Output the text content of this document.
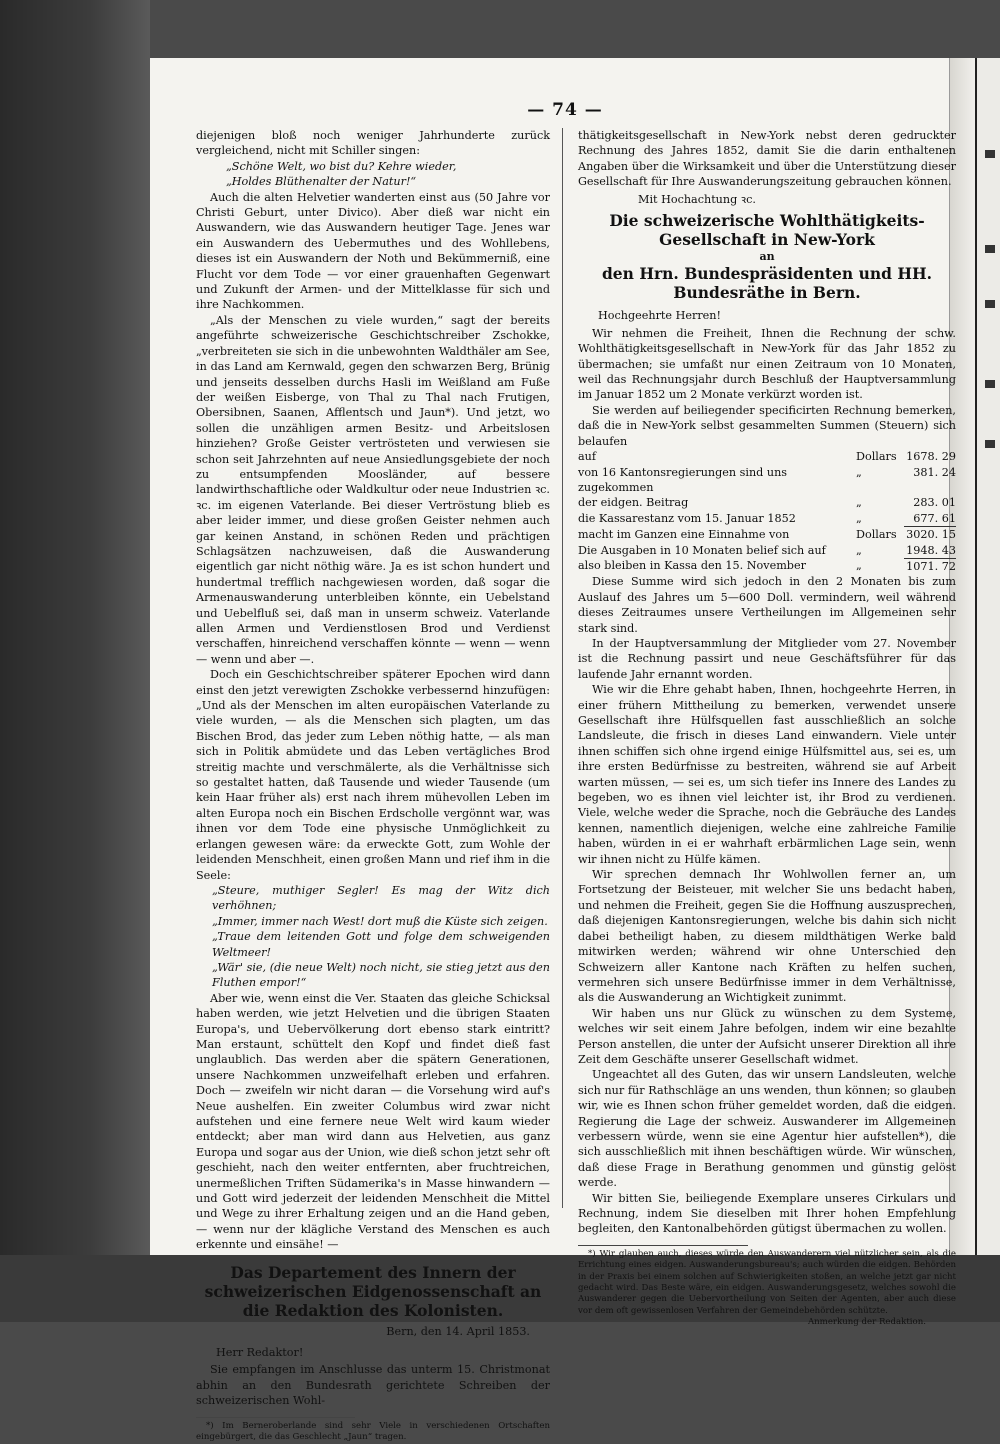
— 74 —

diejenigen bloß noch weniger Jahrhunderte zurück vergleichend, nicht mit Schiller singen:

„Schöne Welt, wo bist du? Kehre wieder,

„Holdes Blüthenalter der Natur!“

Auch die alten Helvetier wanderten einst aus (50 Jahre vor Christi Geburt, unter Divico). Aber dieß war nicht ein Auswandern, wie das Auswandern heutiger Tage. Jenes war ein Auswandern des Uebermuthes und des Wohllebens, dieses ist ein Auswandern der Noth und Bekümmerniß, eine Flucht vor dem Tode — vor einer grauenhaften Gegenwart und Zukunft der Armen- und der Mittelklasse für sich und ihre Nachkommen.

„Als der Menschen zu viele wurden,“ sagt der bereits angeführte schweizerische Geschichtschreiber Zschokke, „verbreiteten sie sich in die unbewohnten Waldthäler am See, in das Land am Kernwald, gegen den schwarzen Berg, Brünig und jenseits desselben durchs Hasli im Weißland am Fuße der weißen Eisberge, von Thal zu Thal nach Frutigen, Obersibnen, Saanen, Afflentsch und Jaun*). Und jetzt, wo sollen die unzähligen armen Besitz- und Arbeitslosen hinziehen? Große Geister vertrösteten und verwiesen sie schon seit Jahrzehnten auf neue Ansiedlungsgebiete der noch zu entsumpfenden Moosländer, auf bessere landwirthschaftliche oder Waldkultur oder neue Industrien ꝛc. ꝛc. im eigenen Vaterlande. Bei dieser Vertröstung blieb es aber leider immer, und diese großen Geister nehmen auch gar keinen Anstand, in schönen Reden und prächtigen Schlagsätzen nachzuweisen, daß die Auswanderung eigentlich gar nicht nöthig wäre. Ja es ist schon hundert und hundertmal trefflich nachgewiesen worden, daß sogar die Armenauswanderung unterbleiben könnte, ein Uebelstand und Uebelfluß sei, daß man in unserm schweiz. Vaterlande allen Armen und Verdienstlosen Brod und Verdienst verschaffen, hinreichend verschaffen könnte — wenn — wenn — wenn und aber —.

Doch ein Geschichtschreiber späterer Epochen wird dann einst den jetzt verewigten Zschokke verbessernd hinzufügen: „Und als der Menschen im alten europäischen Vaterlande zu viele wurden, — als die Menschen sich plagten, um das Bischen Brod, das jeder zum Leben nöthig hatte, — als man sich in Politik abmüdete und das Leben vertägliches Brod streitig machte und verschmälerte, als die Verhältnisse sich so gestaltet hatten, daß Tausende und wieder Tausende (um kein Haar früher als) erst nach ihrem mühevollen Leben im alten Europa noch ein Bischen Erdscholle vergönnt war, was ihnen vor dem Tode eine physische Unmöglichkeit zu erlangen gewesen wäre: da erweckte Gott, zum Wohle der leidenden Menschheit, einen großen Mann und rief ihm in die Seele:

„Steure, muthiger Segler! Es mag der Witz dich verhöhnen;

„Immer, immer nach West! dort muß die Küste sich zeigen.

„Traue dem leitenden Gott und folge dem schweigenden Weltmeer!

„Wär' sie, (die neue Welt) noch nicht, sie stieg jetzt aus den Fluthen empor!“

Aber wie, wenn einst die Ver. Staaten das gleiche Schicksal haben werden, wie jetzt Helvetien und die übrigen Staaten Europa's, und Uebervölkerung dort ebenso stark eintritt? Man erstaunt, schüttelt den Kopf und findet dieß fast unglaublich. Das werden aber die spätern Generationen, unsere Nachkommen unzweifelhaft erleben und erfahren. Doch — zweifeln wir nicht daran — die Vorsehung wird auf's Neue aushelfen. Ein zweiter Columbus wird zwar nicht aufstehen und eine fernere neue Welt wird kaum wieder entdeckt; aber man wird dann aus Helvetien, aus ganz Europa und sogar aus der Union, wie dieß schon jetzt sehr oft geschieht, nach den weiter entfernten, aber fruchtreichen, unermeßlichen Triften Südamerika's in Masse hinwandern — und Gott wird jederzeit der leidenden Menschheit die Mittel und Wege zu ihrer Erhaltung zeigen und an die Hand geben, — wenn nur der klägliche Verstand des Menschen es auch erkennte und einsähe! —

Das Departement des Innern der schweizerischen Eidgenossenschaft an die Redaktion des Kolonisten.

Bern, den 14. April 1853.

Herr Redaktor!

Sie empfangen im Anschlusse das unterm 15. Christmonat abhin an den Bundesrath gerichtete Schreiben der schweizerischen Wohl-

*) Im Berneroberlande sind sehr Viele in verschiedenen Ortschaften eingebürgert, die das Geschlecht „Jaun“ tragen.

thätigkeitsgesellschaft in New-York nebst deren gedruckter Rechnung des Jahres 1852, damit Sie die darin enthaltenen Angaben über die Wirksamkeit und über die Unterstützung dieser Gesellschaft für Ihre Auswanderungszeitung gebrauchen können.

Mit Hochachtung ꝛc.

Die schweizerische Wohlthätigkeits-Gesellschaft in New-York

an

den Hrn. Bundespräsidenten und HH. Bundesräthe in Bern.

Hochgeehrte Herren!

Wir nehmen die Freiheit, Ihnen die Rechnung der schw. Wohlthätigkeitsgesellschaft in New-York für das Jahr 1852 zu übermachen; sie umfaßt nur einen Zeitraum von 10 Monaten, weil das Rechnungsjahr durch Beschluß der Hauptversammlung im Januar 1852 um 2 Monate verkürzt worden ist.

Sie werden auf beiliegender specificirten Rechnung bemerken, daß die in New-York selbst gesammelten Summen (Steuern) sich belaufen

auf	Dollars	1678. 29
von 16 Kantonsregierungen sind uns zugekommen	„	381. 24
der eidgen. Beitrag	„	283. 01
die Kassarestanz vom 15. Januar 1852	„	677. 61
macht im Ganzen eine Einnahme von	Dollars	3020. 15
Die Ausgaben in 10 Monaten belief sich auf	„	1948. 43
also bleiben in Kassa den 15. November	„	1071. 72

Diese Summe wird sich jedoch in den 2 Monaten bis zum Auslauf des Jahres um 5—600 Doll. vermindern, weil während dieses Zeitraumes unsere Vertheilungen im Allgemeinen sehr stark sind.

In der Hauptversammlung der Mitglieder vom 27. November ist die Rechnung passirt und neue Geschäftsführer für das laufende Jahr ernannt worden.

Wie wir die Ehre gehabt haben, Ihnen, hochgeehrte Herren, in einer frühern Mittheilung zu bemerken, verwendet unsere Gesellschaft ihre Hülfsquellen fast ausschließlich an solche Landsleute, die frisch in dieses Land einwandern. Viele unter ihnen schiffen sich ohne irgend einige Hülfsmittel aus, sei es, um ihre ersten Bedürfnisse zu bestreiten, während sie auf Arbeit warten müssen, — sei es, um sich tiefer ins Innere des Landes zu begeben, wo es ihnen viel leichter ist, ihr Brod zu verdienen. Viele, welche weder die Sprache, noch die Gebräuche des Landes kennen, namentlich diejenigen, welche eine zahlreiche Familie haben, würden in ei er wahrhaft erbärmlichen Lage sein, wenn wir ihnen nicht zu Hülfe kämen.

Wir sprechen demnach Ihr Wohlwollen ferner an, um Fortsetzung der Beisteuer, mit welcher Sie uns bedacht haben, und nehmen die Freiheit, gegen Sie die Hoffnung auszusprechen, daß diejenigen Kantonsregierungen, welche bis dahin sich nicht dabei betheiligt haben, zu diesem mildthätigen Werke bald mitwirken werden; während wir ohne Unterschied den Schweizern aller Kantone nach Kräften zu helfen suchen, vermehren sich unsere Bedürfnisse immer in dem Verhältnisse, als die Auswanderung an Wichtigkeit zunimmt.

Wir haben uns nur Glück zu wünschen zu dem Systeme, welches wir seit einem Jahre befolgen, indem wir eine bezahlte Person anstellen, die unter der Aufsicht unserer Direktion all ihre Zeit dem Geschäfte unserer Gesellschaft widmet.

Ungeachtet all des Guten, das wir unsern Landsleuten, welche sich nur für Rathschläge an uns wenden, thun können; so glauben wir, wie es Ihnen schon früher gemeldet worden, daß die eidgen. Regierung die Lage der schweiz. Auswanderer im Allgemeinen verbessern würde, wenn sie eine Agentur hier aufstellen*), die sich ausschließlich mit ihnen beschäftigen würde. Wir wünschen, daß diese Frage in Berathung genommen und günstig gelöst werde.

Wir bitten Sie, beiliegende Exemplare unseres Cirkulars und Rechnung, indem Sie dieselben mit Ihrer hohen Empfehlung begleiten, den Kantonalbehörden gütigst übermachen zu wollen.

*) Wir glauben auch, dieses würde den Auswanderern viel nützlicher sein, als die Errichtung eines eidgen. Auswanderungsbureau's; auch würden die eidgen. Behörden in der Praxis bei einem solchen auf Schwierigkeiten stoßen, an welche jetzt gar nicht gedacht wird. Das Beste wäre, ein eidgen. Auswanderungsgesetz, welches sowohl die Auswanderer gegen die Uebervortheilung von Seiten der Agenten, aber auch diese vor dem oft gewissenlosen Verfahren der Gemeindebehörden schützte.

Anmerkung der Redaktion.
